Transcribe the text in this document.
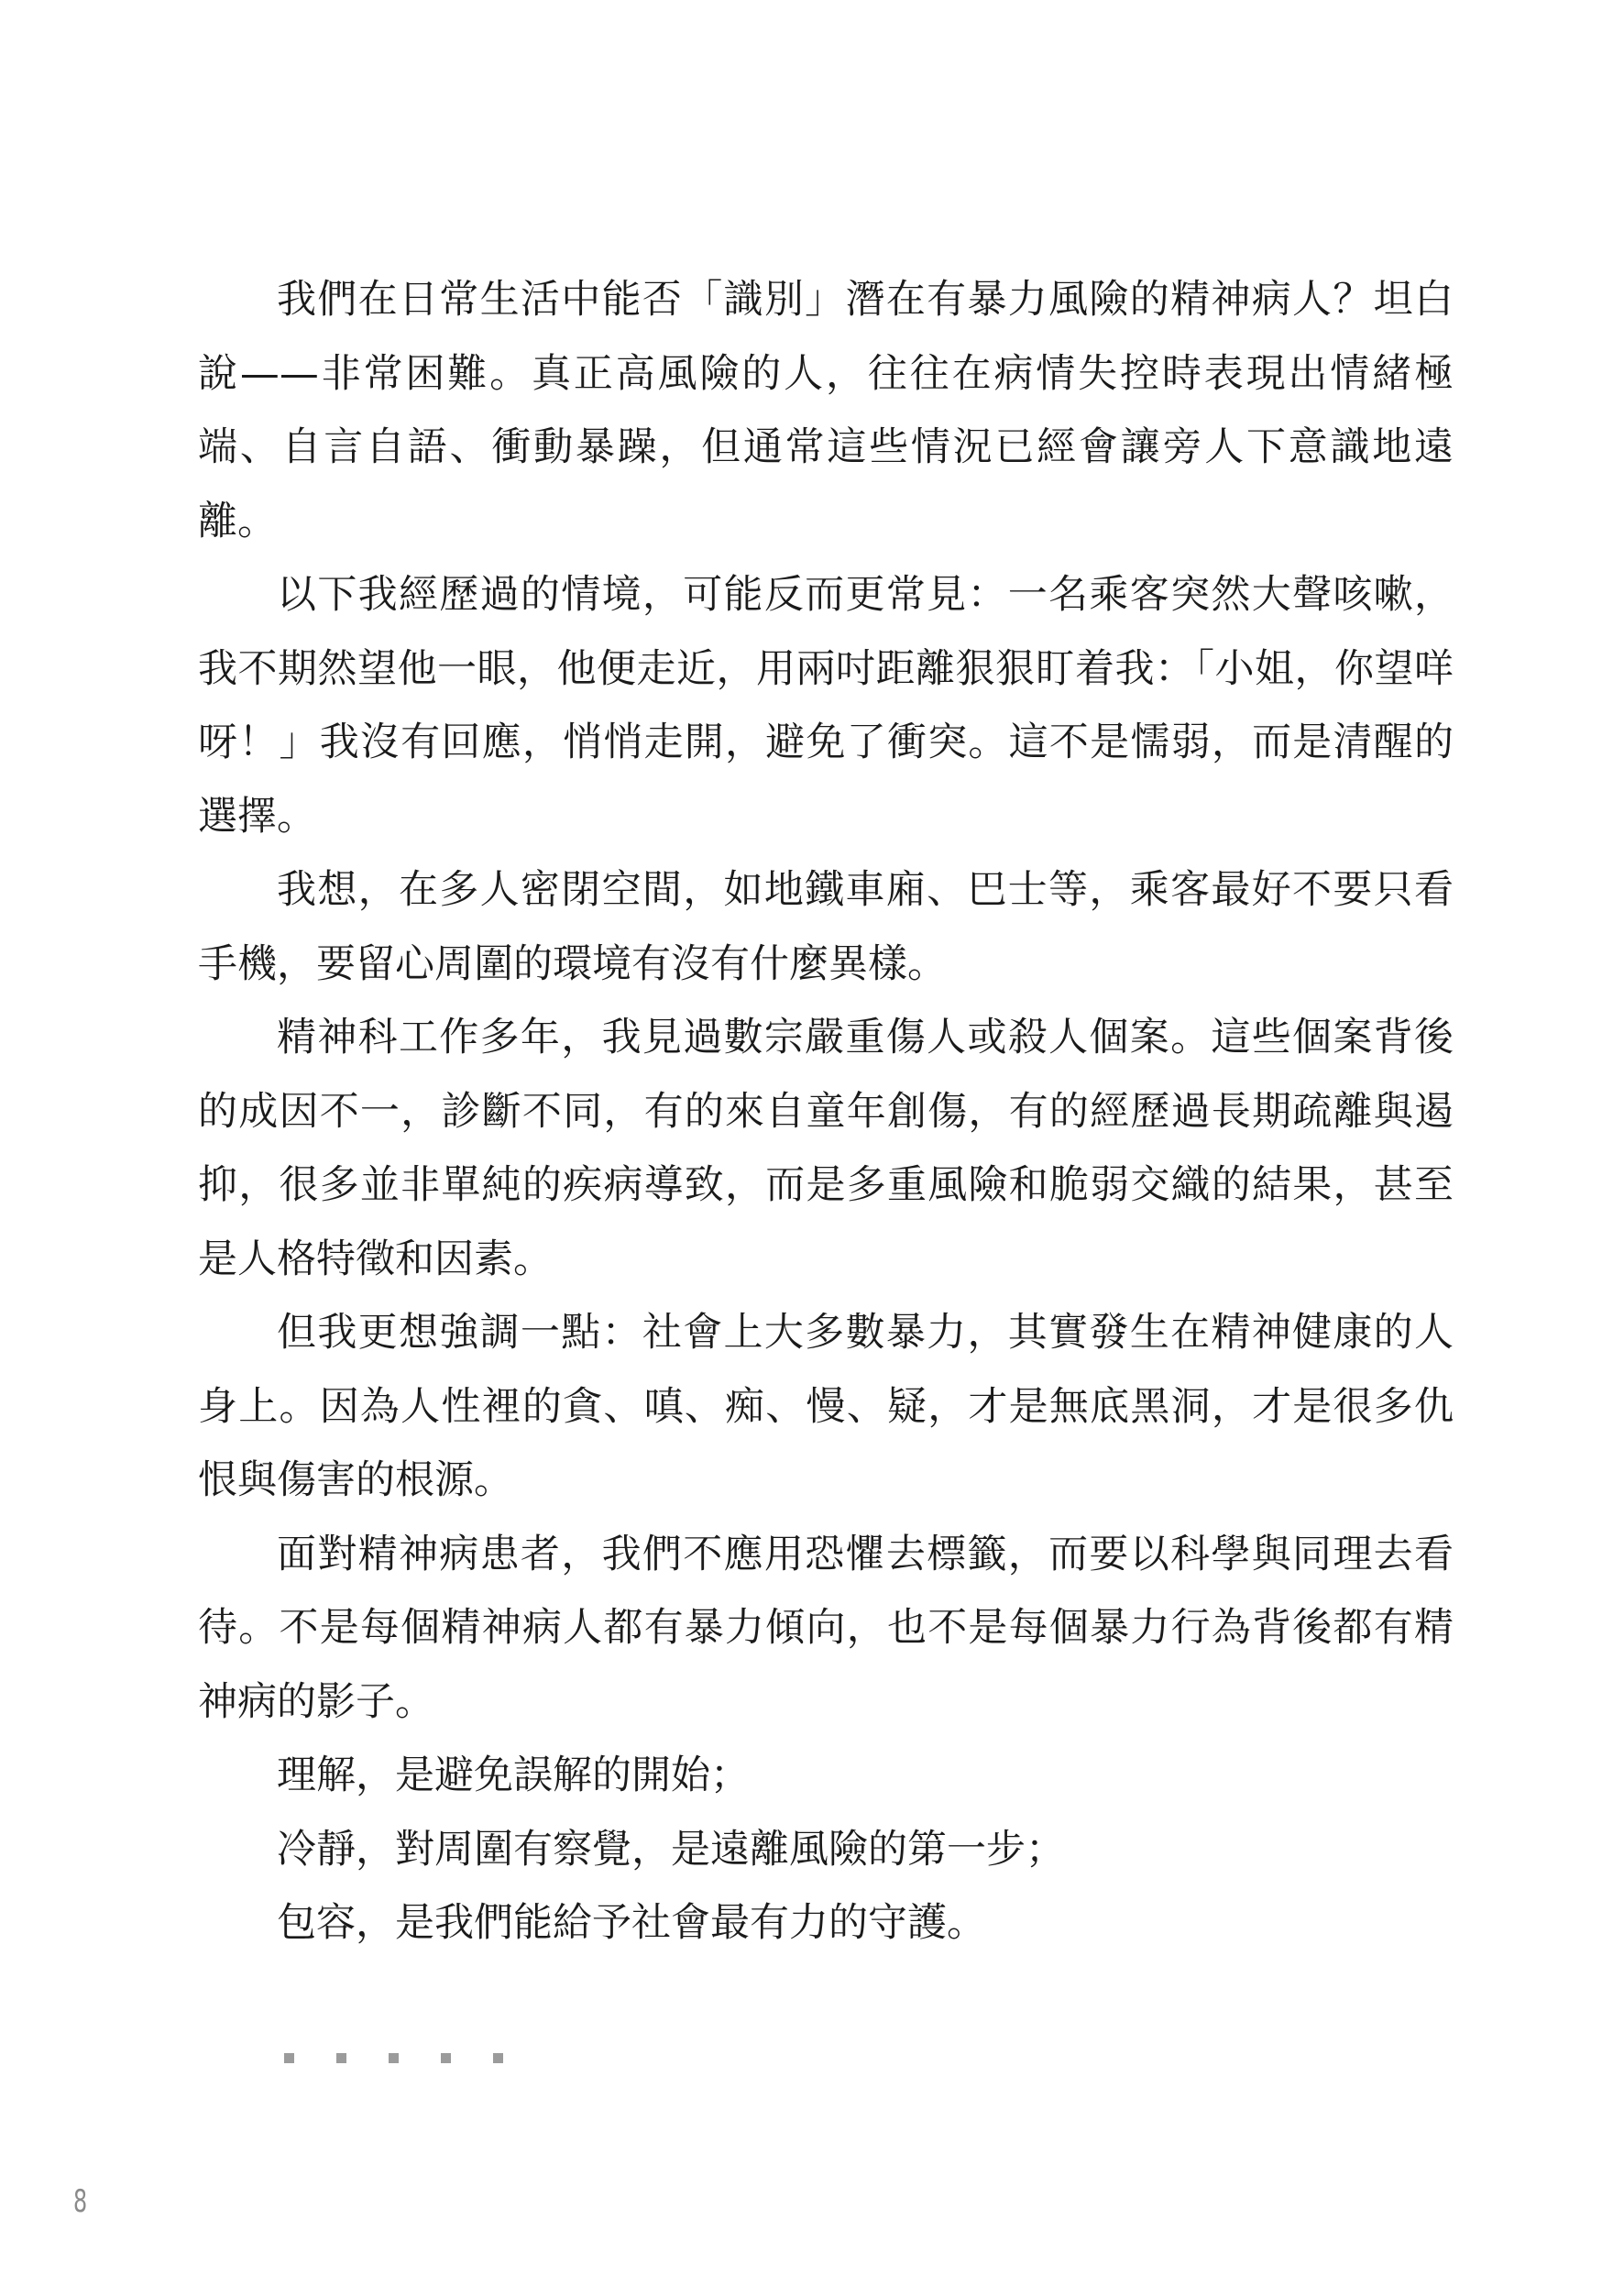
我們在日常生活中能否「識別」潛在有暴力風險的精神病人？坦白說——非常困難。真正高風險的人，往往在病情失控時表現出情緒極端、自言自語、衝動暴躁，但通常這些情況已經會讓旁人下意識地遠離。

以下我經歷過的情境，可能反而更常見：一名乘客突然大聲咳嗽，我不期然望他一眼，他便走近，用兩吋距離狠狠盯着我：「小姐，你望咩呀！」我沒有回應，悄悄走開，避免了衝突。這不是懦弱，而是清醒的選擇。

我想，在多人密閉空間，如地鐵車廂、巴士等，乘客最好不要只看手機，要留心周圍的環境有沒有什麼異樣。

精神科工作多年，我見過數宗嚴重傷人或殺人個案。這些個案背後的成因不一，診斷不同，有的來自童年創傷，有的經歷過長期疏離與遏抑，很多並非單純的疾病導致，而是多重風險和脆弱交織的結果，甚至是人格特徵和因素。

但我更想強調一點：社會上大多數暴力，其實發生在精神健康的人身上。因為人性裡的貪、嗔、痴、慢、疑，才是無底黑洞，才是很多仇恨與傷害的根源。

面對精神病患者，我們不應用恐懼去標籤，而要以科學與同理去看待。不是每個精神病人都有暴力傾向，也不是每個暴力行為背後都有精神病的影子。

理解，是避免誤解的開始；

冷靜，對周圍有察覺，是遠離風險的第一步；

包容，是我們能給予社會最有力的守護。

8
